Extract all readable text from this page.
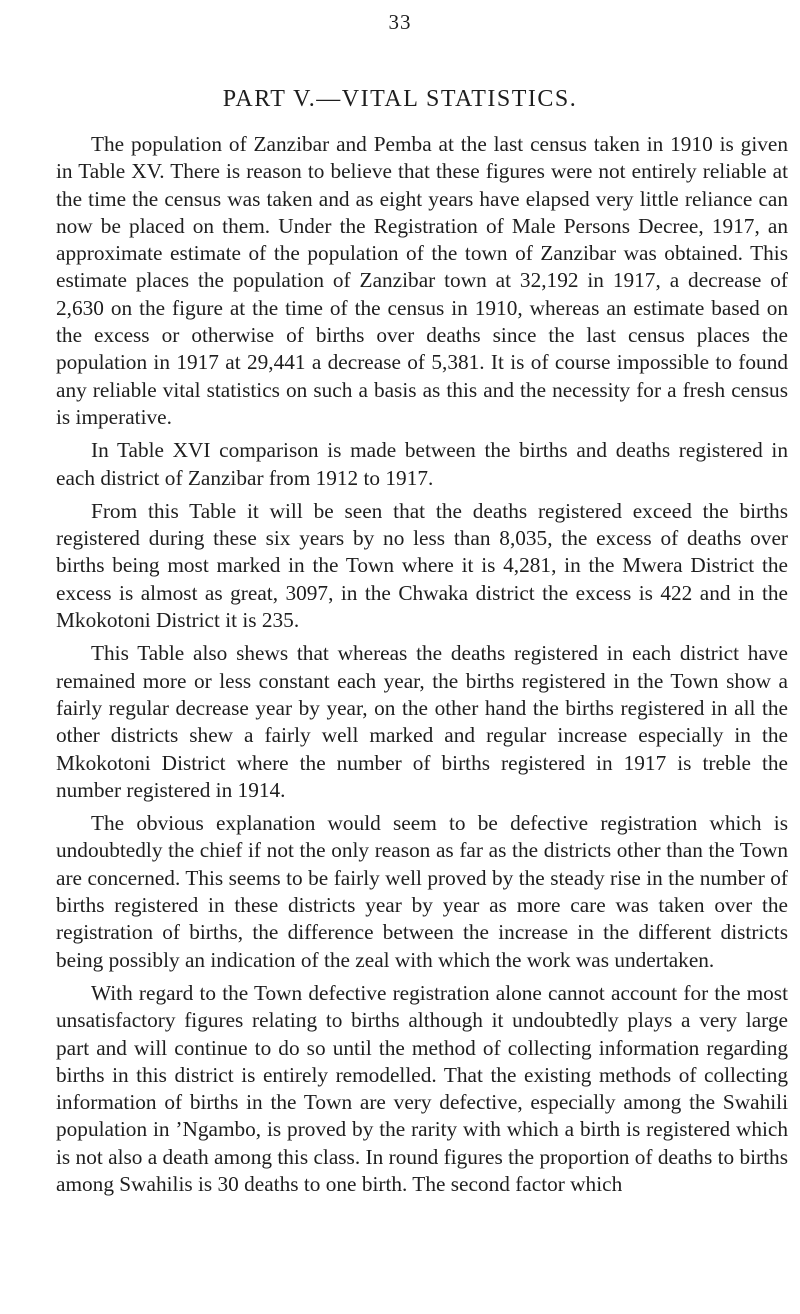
33
PART V.—VITAL STATISTICS.

The population of Zanzibar and Pemba at the last census taken in 1910 is given in Table XV. There is reason to believe that these figures were not entirely reliable at the time the census was taken and as eight years have elapsed very little reliance can now be placed on them. Under the Registration of Male Persons Decree, 1917, an approximate estimate of the population of the town of Zanzibar was obtained. This estimate places the population of Zanzibar town at 32,192 in 1917, a decrease of 2,630 on the figure at the time of the census in 1910, whereas an estimate based on the excess or otherwise of births over deaths since the last census places the population in 1917 at 29,441 a decrease of 5,381. It is of course impossible to found any reliable vital statistics on such a basis as this and the necessity for a fresh census is imperative.

In Table XVI comparison is made between the births and deaths registered in each district of Zanzibar from 1912 to 1917.

From this Table it will be seen that the deaths registered exceed the births registered during these six years by no less than 8,035, the excess of deaths over births being most marked in the Town where it is 4,281, in the Mwera District the excess is almost as great, 3097, in the Chwaka district the excess is 422 and in the Mkokotoni District it is 235.

This Table also shews that whereas the deaths registered in each district have remained more or less constant each year, the births registered in the Town show a fairly regular decrease year by year, on the other hand the births registered in all the other districts shew a fairly well marked and regular increase especially in the Mkokotoni District where the number of births registered in 1917 is treble the number registered in 1914.

The obvious explanation would seem to be defective registration which is undoubtedly the chief if not the only reason as far as the districts other than the Town are concerned. This seems to be fairly well proved by the steady rise in the number of births registered in these districts year by year as more care was taken over the registration of births, the difference between the increase in the different districts being possibly an indication of the zeal with which the work was undertaken.

With regard to the Town defective registration alone cannot account for the most unsatisfactory figures relating to births although it undoubtedly plays a very large part and will continue to do so until the method of collecting information regarding births in this district is entirely remodelled. That the existing methods of collecting information of births in the Town are very defective, especially among the Swahili population in ’Ngambo, is proved by the rarity with which a birth is registered which is not also a death among this class. In round figures the proportion of deaths to births among Swahilis is 30 deaths to one birth. The second factor which
